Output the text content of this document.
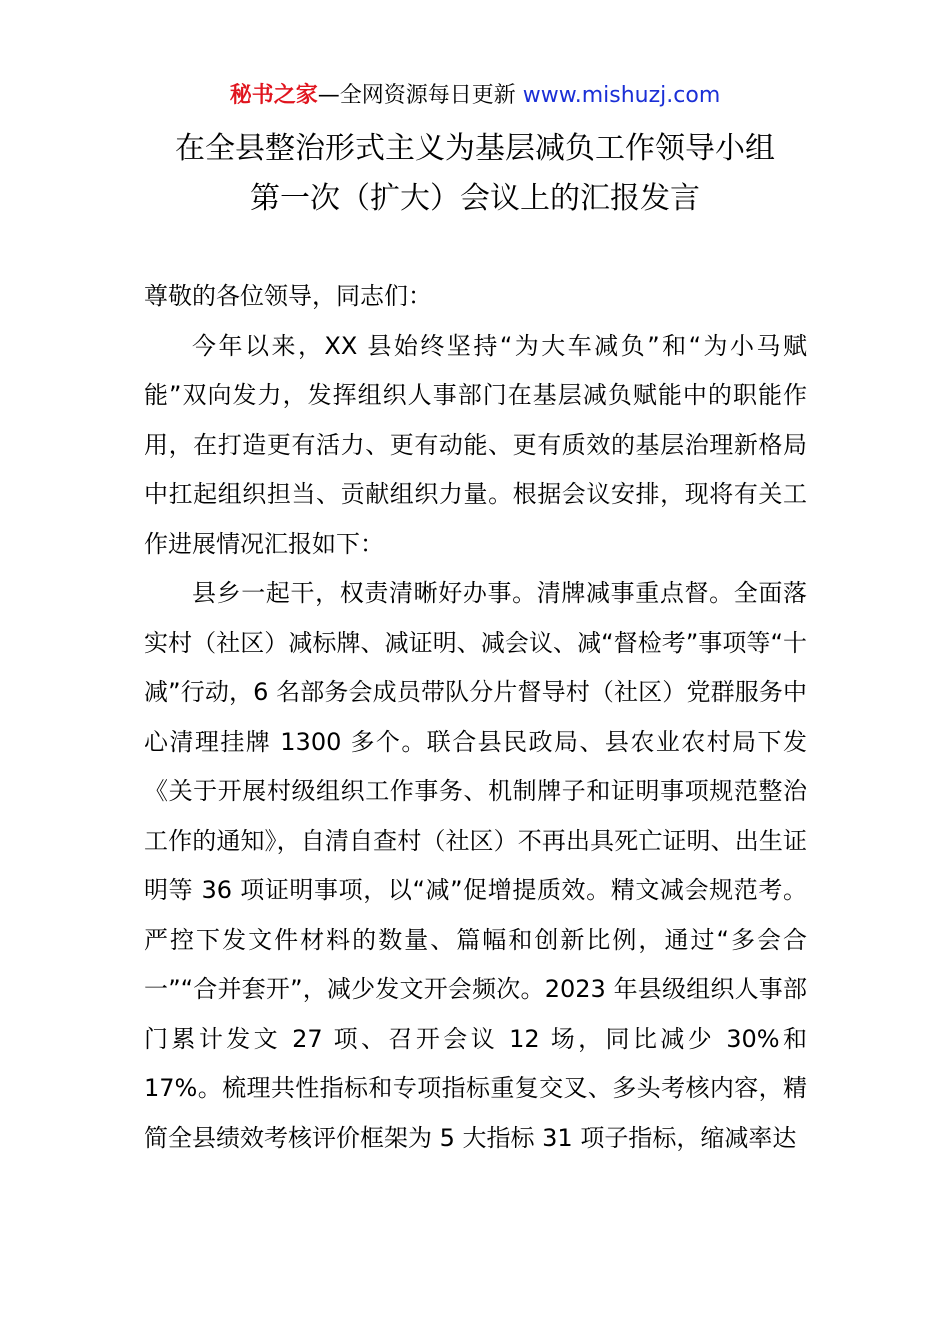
秘书之家—全网资源每日更新 www.mishuzj.com
在全县整治形式主义为基层减负工作领导小组
第一次（扩大）会议上的汇报发言

尊敬的各位领导，同志们：

今年以来，XX 县始终坚持“为大车减负”和“为小马赋能”双向发力，发挥组织人事部门在基层减负赋能中的职能作用，在打造更有活力、更有动能、更有质效的基层治理新格局中扛起组织担当、贡献组织力量。根据会议安排，现将有关工作进展情况汇报如下：

县乡一起干，权责清晰好办事。清牌减事重点督。全面落实村（社区）减标牌、减证明、减会议、减“督检考”事项等“十减”行动，6 名部务会成员带队分片督导村（社区）党群服务中心清理挂牌 1300 多个。联合县民政局、县农业农村局下发《关于开展村级组织工作事务、机制牌子和证明事项规范整治工作的通知》，自清自查村（社区）不再出具死亡证明、出生证明等 36 项证明事项，以“减”促增提质效。精文减会规范考。严控下发文件材料的数量、篇幅和创新比例，通过“多会合一”“合并套开”，减少发文开会频次。2023 年县级组织人事部门累计发文 27 项、召开会议 12 场，同比减少 30%和 17%。梳理共性指标和专项指标重复交叉、多头考核内容，精简全县绩效考核评价框架为 5 大指标 31 项子指标，缩减率达
